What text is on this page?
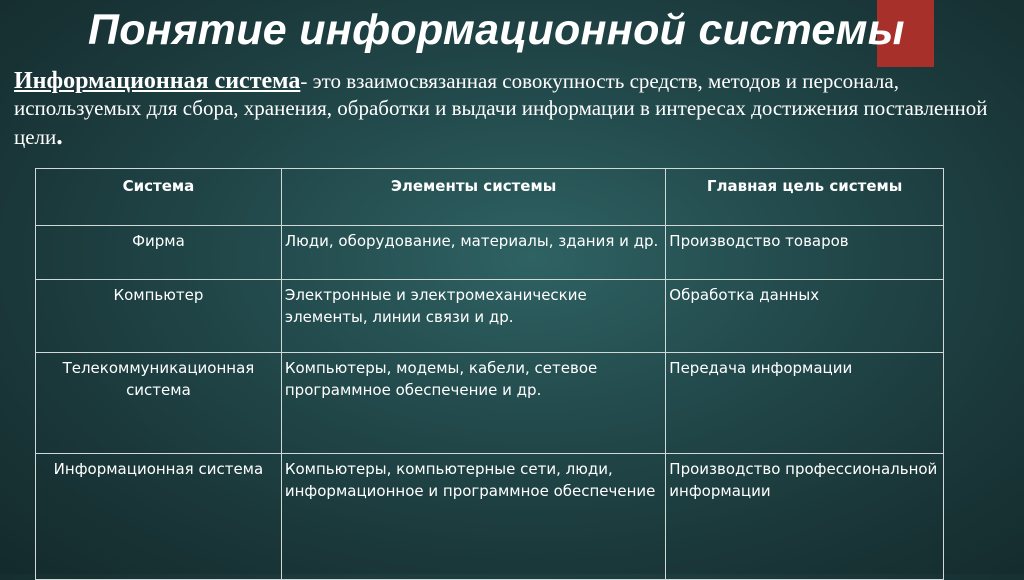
Понятие информационной системы
Информационная система- это взаимосвязанная совокупность средств, методов и персонала, используемых для сбора, хранения, обработки и выдачи информации в интересах достижения поставленной цели.
Система	Элементы системы	Главная цель системы
Фирма	Люди, оборудование, материалы, здания и др.	Производство товаров
Компьютер	Электронные и электромеханические элементы, линии связи и др.	Обработка данных
Телекоммуникационная система	Компьютеры, модемы, кабели, сетевое программное обеспечение и др.	Передача информации
Информационная система	Компьютеры, компьютерные сети, люди, информационное и программное обеспечение	Производство профессиональной информации
